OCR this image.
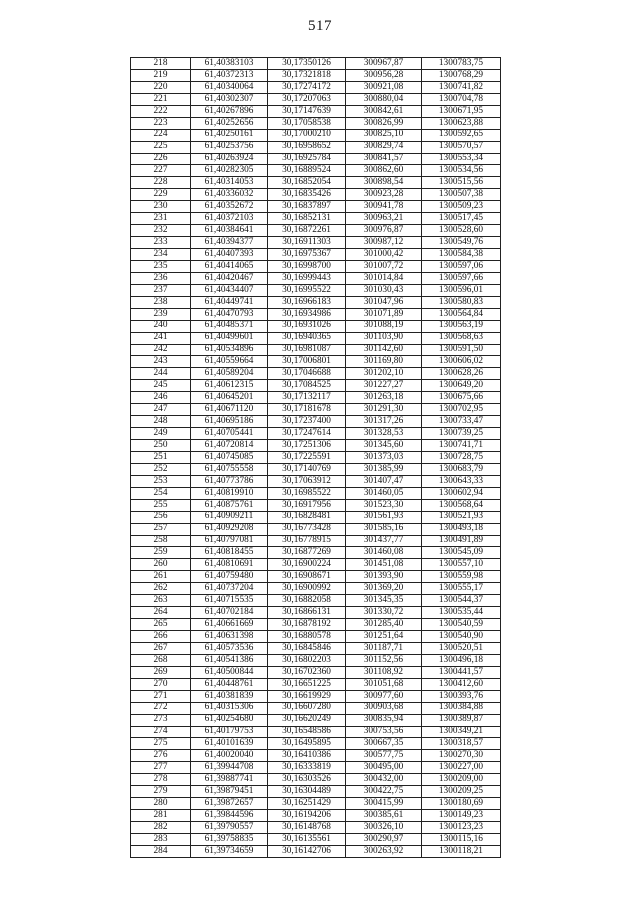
517
218	61,40383103	30,17350126	300967,87	1300783,75
219	61,40372313	30,17321818	300956,28	1300768,29
220	61,40340064	30,17274172	300921,08	1300741,82
221	61,40302307	30,17207063	300880,04	1300704,78
222	61,40267896	30,17147639	300842,61	1300671,95
223	61,40252656	30,17058538	300826,99	1300623,88
224	61,40250161	30,17000210	300825,10	1300592,65
225	61,40253756	30,16958652	300829,74	1300570,57
226	61,40263924	30,16925784	300841,57	1300553,34
227	61,40282305	30,16889524	300862,60	1300534,56
228	61,40314053	30,16852054	300898,54	1300515,56
229	61,40336032	30,16835426	300923,28	1300507,38
230	61,40352672	30,16837897	300941,78	1300509,23
231	61,40372103	30,16852131	300963,21	1300517,45
232	61,40384641	30,16872261	300976,87	1300528,60
233	61,40394377	30,16911303	300987,12	1300549,76
234	61,40407393	30,16975367	301000,42	1300584,38
235	61,40414065	30,16998700	301007,72	1300597,06
236	61,40420467	30,16999443	301014,84	1300597,66
237	61,40434407	30,16995522	301030,43	1300596,01
238	61,40449741	30,16966183	301047,96	1300580,83
239	61,40470793	30,16934986	301071,89	1300564,84
240	61,40485371	30,16931026	301088,19	1300563,19
241	61,40499601	30,16940365	301103,90	1300568,63
242	61,40534896	30,16981087	301142,60	1300591,50
243	61,40559664	30,17006801	301169,80	1300606,02
244	61,40589204	30,17046688	301202,10	1300628,26
245	61,40612315	30,17084525	301227,27	1300649,20
246	61,40645201	30,17132117	301263,18	1300675,66
247	61,40671120	30,17181678	301291,30	1300702,95
248	61,40695186	30,17237400	301317,26	1300733,47
249	61,40705441	30,17247614	301328,53	1300739,25
250	61,40720814	30,17251306	301345,60	1300741,71
251	61,40745085	30,17225591	301373,03	1300728,75
252	61,40755558	30,17140769	301385,99	1300683,79
253	61,40773786	30,17063912	301407,47	1300643,33
254	61,40819910	30,16985522	301460,05	1300602,94
255	61,40875761	30,16917956	301523,30	1300568,64
256	61,40909211	30,16828481	301561,93	1300521,93
257	61,40929208	30,16773428	301585,16	1300493,18
258	61,40797081	30,16778915	301437,77	1300491,89
259	61,40818455	30,16877269	301460,08	1300545,09
260	61,40810691	30,16900224	301451,08	1300557,10
261	61,40759480	30,16908671	301393,90	1300559,98
262	61,40737204	30,16900992	301369,20	1300555,17
263	61,40715535	30,16882058	301345,35	1300544,37
264	61,40702184	30,16866131	301330,72	1300535,44
265	61,40661669	30,16878192	301285,40	1300540,59
266	61,40631398	30,16880578	301251,64	1300540,90
267	61,40573536	30,16845846	301187,71	1300520,51
268	61,40541386	30,16802203	301152,56	1300496,18
269	61,40500844	30,16702360	301108,92	1300441,57
270	61,40448761	30,16651225	301051,68	1300412,60
271	61,40381839	30,16619929	300977,60	1300393,76
272	61,40315306	30,16607280	300903,68	1300384,88
273	61,40254680	30,16620249	300835,94	1300389,87
274	61,40179753	30,16548586	300753,56	1300349,21
275	61,40101639	30,16495895	300667,35	1300318,57
276	61,40020040	30,16410386	300577,75	1300270,30
277	61,39944708	30,16333819	300495,00	1300227,00
278	61,39887741	30,16303526	300432,00	1300209,00
279	61,39879451	30,16304489	300422,75	1300209,25
280	61,39872657	30,16251429	300415,99	1300180,69
281	61,39844596	30,16194206	300385,61	1300149,23
282	61,39790557	30,16148768	300326,10	1300123,23
283	61,39758835	30,16135561	300290,97	1300115,16
284	61,39734659	30,16142706	300263,92	1300118,21
